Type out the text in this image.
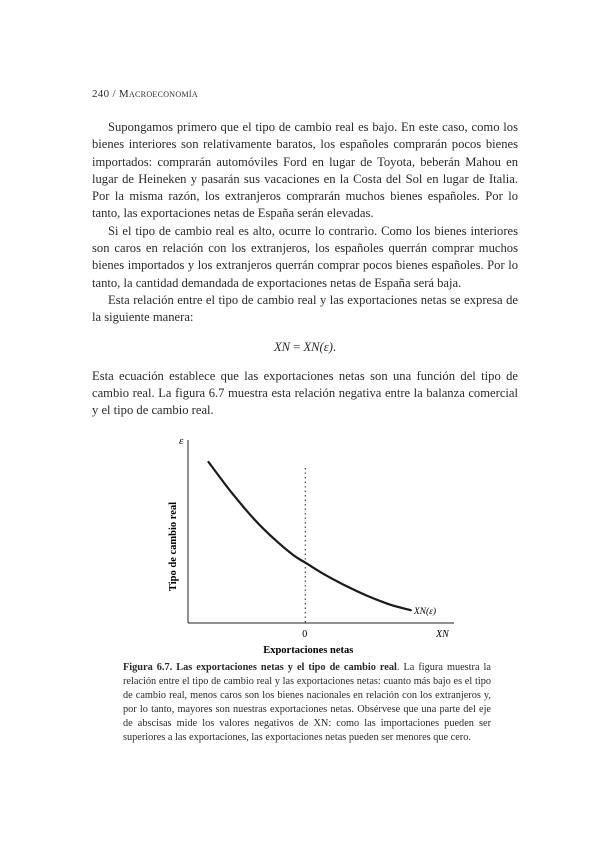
240 / Macroeconomía

Supongamos primero que el tipo de cambio real es bajo. En este caso, como los bienes interiores son relativamente baratos, los españoles comprarán pocos bienes importados: comprarán automóviles Ford en lugar de Toyota, beberán Mahou en lugar de Heineken y pasarán sus vacaciones en la Costa del Sol en lugar de Italia. Por la misma razón, los extranjeros comprarán muchos bienes españoles. Por lo tanto, las exportaciones netas de España serán elevadas.

Si el tipo de cambio real es alto, ocurre lo contrario. Como los bienes interiores son caros en relación con los extranjeros, los españoles querrán comprar muchos bienes importados y los extranjeros querrán comprar pocos bienes españoles. Por lo tanto, la cantidad demandada de exportaciones netas de España será baja.

Esta relación entre el tipo de cambio real y las exportaciones netas se expresa de la siguiente manera:

XN = XN(ε).

Esta ecuación establece que las exportaciones netas son una función del tipo de cambio real. La figura 6.7 muestra esta relación negativa entre la balanza comercial y el tipo de cambio real.

ε
XN
0
XN(ε)
Exportaciones netas
Tipo de cambio real
Figura 6.7. Las exportaciones netas y el tipo de cambio real. La figura muestra la relación entre el tipo de cambio real y las exportaciones netas: cuanto más bajo es el tipo de cambio real, menos caros son los bienes nacionales en relación con los extranjeros y, por lo tanto, mayores son nuestras exportaciones netas. Obsérvese que una parte del eje de abscisas mide los valores negativos de XN: como las importaciones pueden ser superiores a las exportaciones, las exportaciones netas pueden ser menores que cero.
